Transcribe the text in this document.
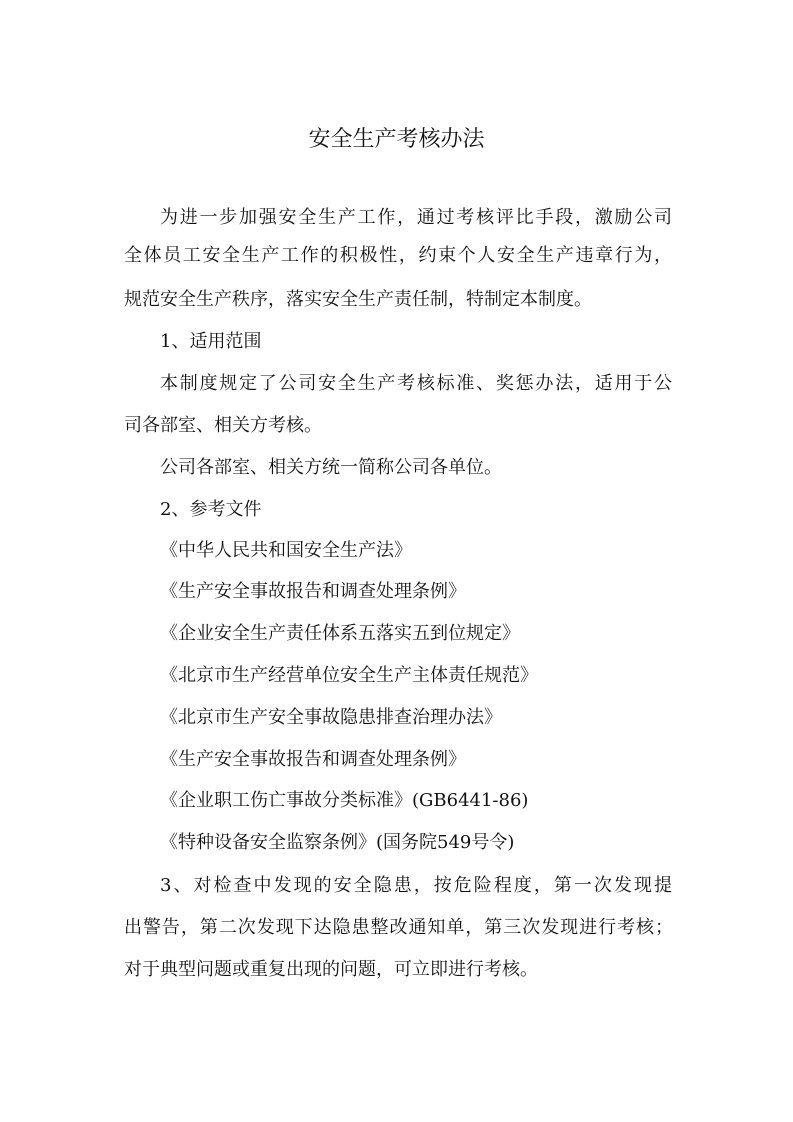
安全生产考核办法
为进一步加强安全生产工作，通过考核评比手段，激励公司
全体员工安全生产工作的积极性，约束个人安全生产违章行为，
规范安全生产秩序，落实安全生产责任制，特制定本制度。
1、适用范围
本制度规定了公司安全生产考核标准、奖惩办法，适用于公
司各部室、相关方考核。
公司各部室、相关方统一简称公司各单位。
2、参考文件
《中华人民共和国安全生产法》
《生产安全事故报告和调查处理条例》
《企业安全生产责任体系五落实五到位规定》
《北京市生产经营单位安全生产主体责任规范》
《北京市生产安全事故隐患排查治理办法》
《生产安全事故报告和调查处理条例》
《企业职工伤亡事故分类标准》(GB6441-86)
《特种设备安全监察条例》(国务院549号令)
3、对检查中发现的安全隐患，按危险程度，第一次发现提
出警告，第二次发现下达隐患整改通知单，第三次发现进行考核；
对于典型问题或重复出现的问题，可立即进行考核。
